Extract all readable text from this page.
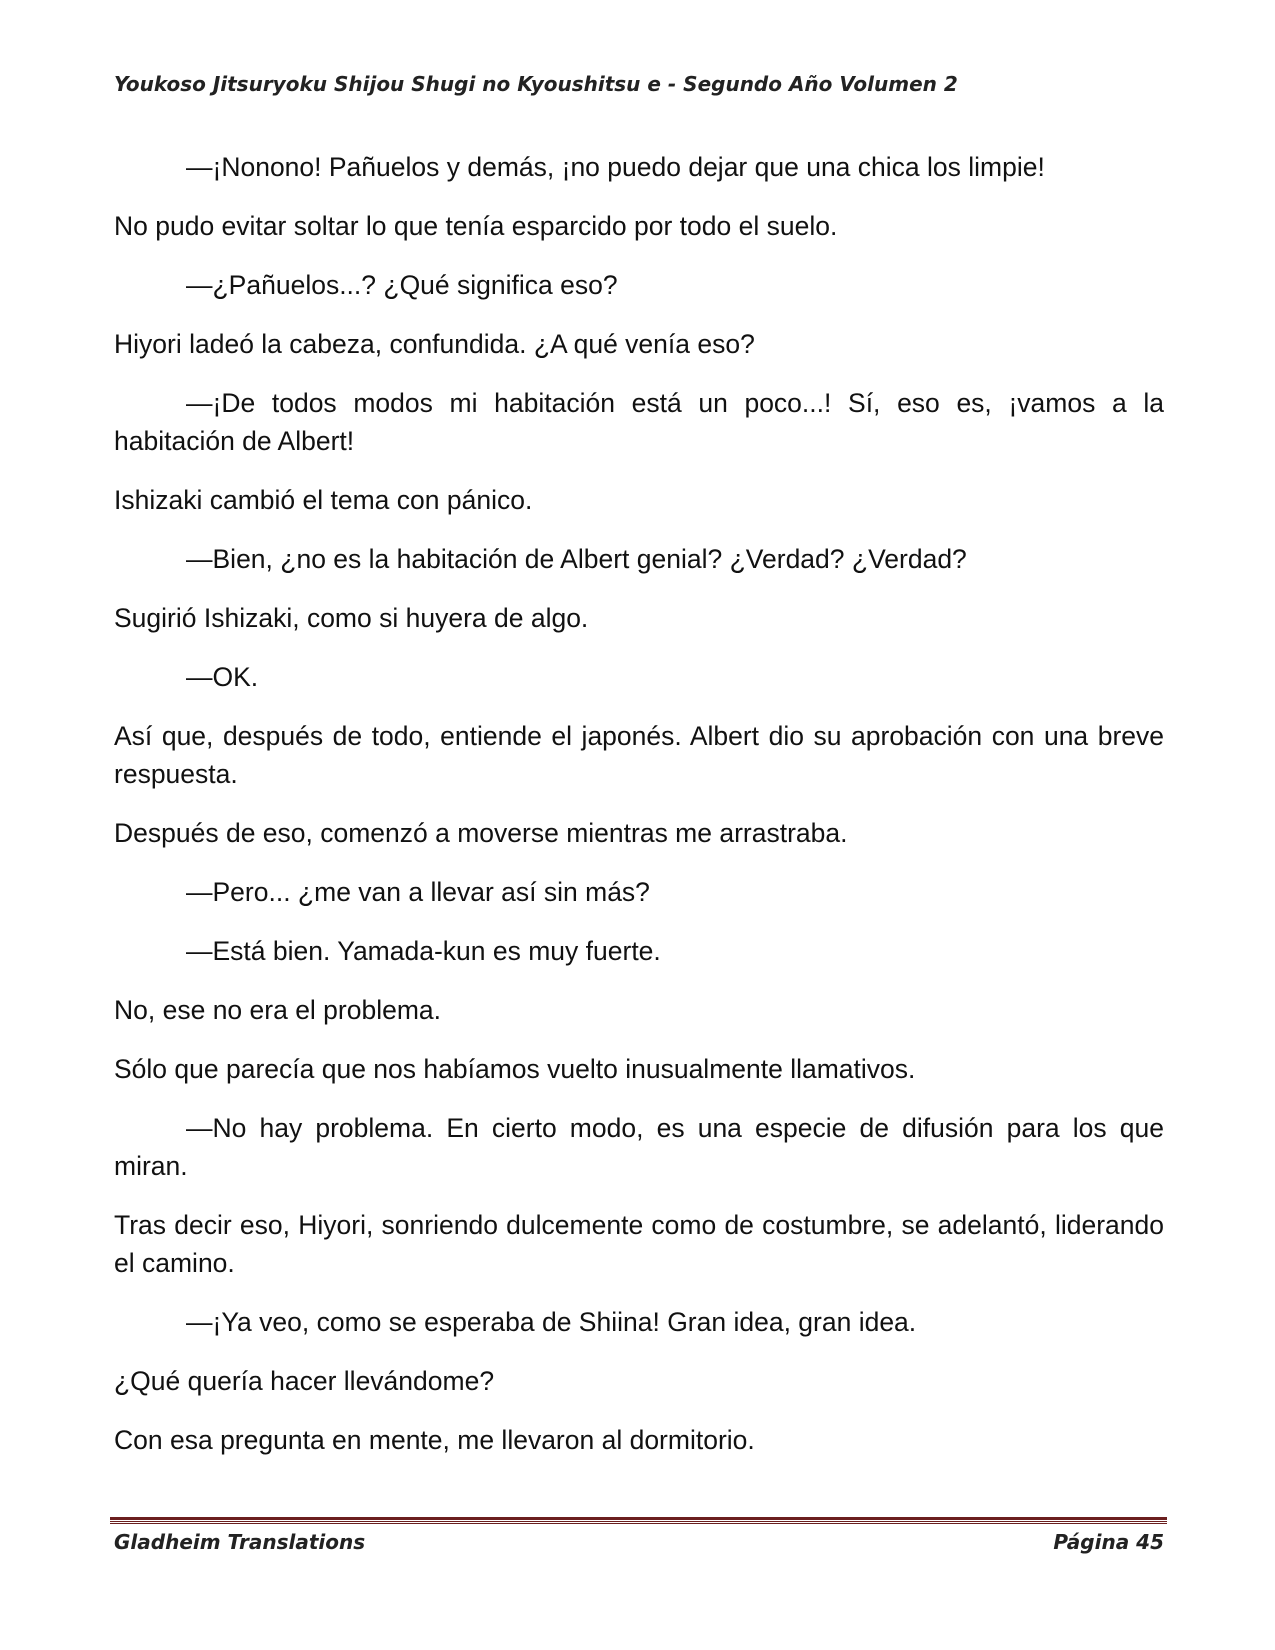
Youkoso Jitsuryoku Shijou Shugi no Kyoushitsu e - Segundo Año Volumen 2

—¡Nonono! Pañuelos y demás, ¡no puedo dejar que una chica los limpie!

No pudo evitar soltar lo que tenía esparcido por todo el suelo.

—¿Pañuelos...? ¿Qué significa eso?

Hiyori ladeó la cabeza, confundida. ¿A qué venía eso?

—¡De todos modos mi habitación está un poco...! Sí, eso es, ¡vamos a la habitación de Albert!

Ishizaki cambió el tema con pánico.

—Bien, ¿no es la habitación de Albert genial? ¿Verdad? ¿Verdad?

Sugirió Ishizaki, como si huyera de algo.

—OK.

Así que, después de todo, entiende el japonés. Albert dio su aprobación con una breve respuesta.

Después de eso, comenzó a moverse mientras me arrastraba.

—Pero... ¿me van a llevar así sin más?

—Está bien. Yamada-kun es muy fuerte.

No, ese no era el problema.

Sólo que parecía que nos habíamos vuelto inusualmente llamativos.

—No hay problema. En cierto modo, es una especie de difusión para los que miran.

Tras decir eso, Hiyori, sonriendo dulcemente como de costumbre, se adelantó, liderando el camino.

—¡Ya veo, como se esperaba de Shiina! Gran idea, gran idea.

¿Qué quería hacer llevándome?

Con esa pregunta en mente, me llevaron al dormitorio.

Gladheim Translations	Página 45
